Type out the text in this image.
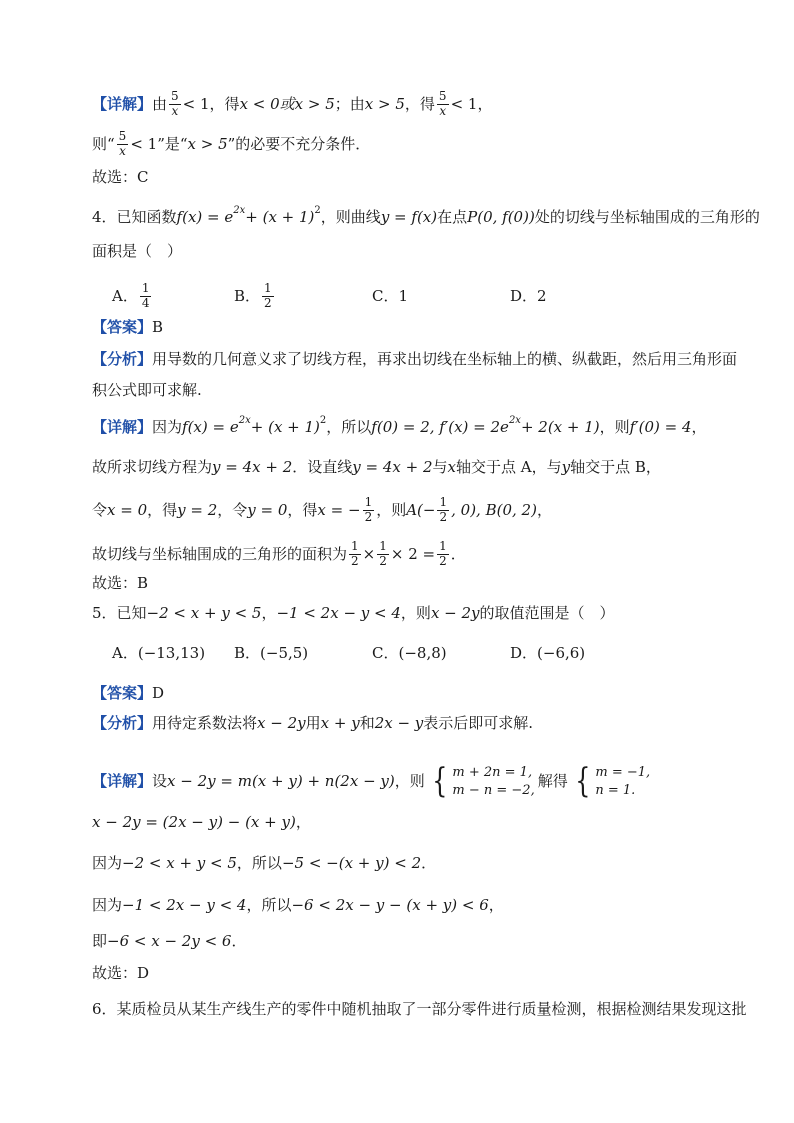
【详解】 由 $\frac{5}{x} < 1$，得 x < 0或x > 5 ；由 x > 5 ，得 $\frac{5}{x} < 1$，
则“ $\frac{5}{x} < 1$”是“ x > 5 ”的必要不充分条件．
故选：C
4．已知函数 f(x) = e 2x + (x + 1) 2 ，则曲线 y = f(x) 在点 P(0, f(0)) 处的切线与坐标轴围成的三角形的
面积是（　）
A． $\frac{1}{4}$	B． $\frac{1}{2}$	C． 1	D． 2
【答案】 B
【分析】 用导数的几何意义求了切线方程，再求出切线在坐标轴上的横、纵截距，然后用三角形面
积公式即可求解.
【详解】 因为 f(x) = e 2x + (x + 1) 2 ，所以 f(0) = 2, f′(x) = 2e 2x + 2(x + 1) ，则 f′(0) = 4 ，
故所求切线方程为 y = 4x + 2 ．设直线 y = 4x + 2 与 x 轴交于点 A，与 y 轴交于点 B，
令 x = 0 ，得 y = 2 ，令 y = 0 ，得 x = − $\frac{1}{2}$ ，则 $A(- \frac{1}{2}$ , 0), B(0, 2) ，
故切线与坐标轴围成的三角形的面积为 $\frac{1}{2} \times \frac{1}{2} \times 2 = \frac{1}{2}$ ．
故选：B
5．已知 −2 < x + y < 5 ， −1 < 2x − y < 4 ，则 x − 2y 的取值范围是（　）
A． (−13,13) B． (−5,5)	C． (−8,8)	D． (−6,6)
【答案】 D
【分析】 用待定系数法将 x − 2y 用 x + y 和 2x − y 表示后即可求解.
【详解】 设 x − 2y = m(x + y) + n(2x − y) ，则 { m + 2n = 1,
m − n = −2, 解得 { m = −1,
n = 1.
x − 2y = (2x − y) − (x + y) ，
因为 −2 < x + y < 5 ，所以 −5 < −(x + y) < 2 ．
因为 −1 < 2x − y < 4 ，所以 −6 < 2x − y − (x + y) < 6 ，
即 −6 < x − 2y < 6 ．
故选：D
6．某质检员从某生产线生产的零件中随机抽取了一部分零件进行质量检测，根据检测结果发现这批
